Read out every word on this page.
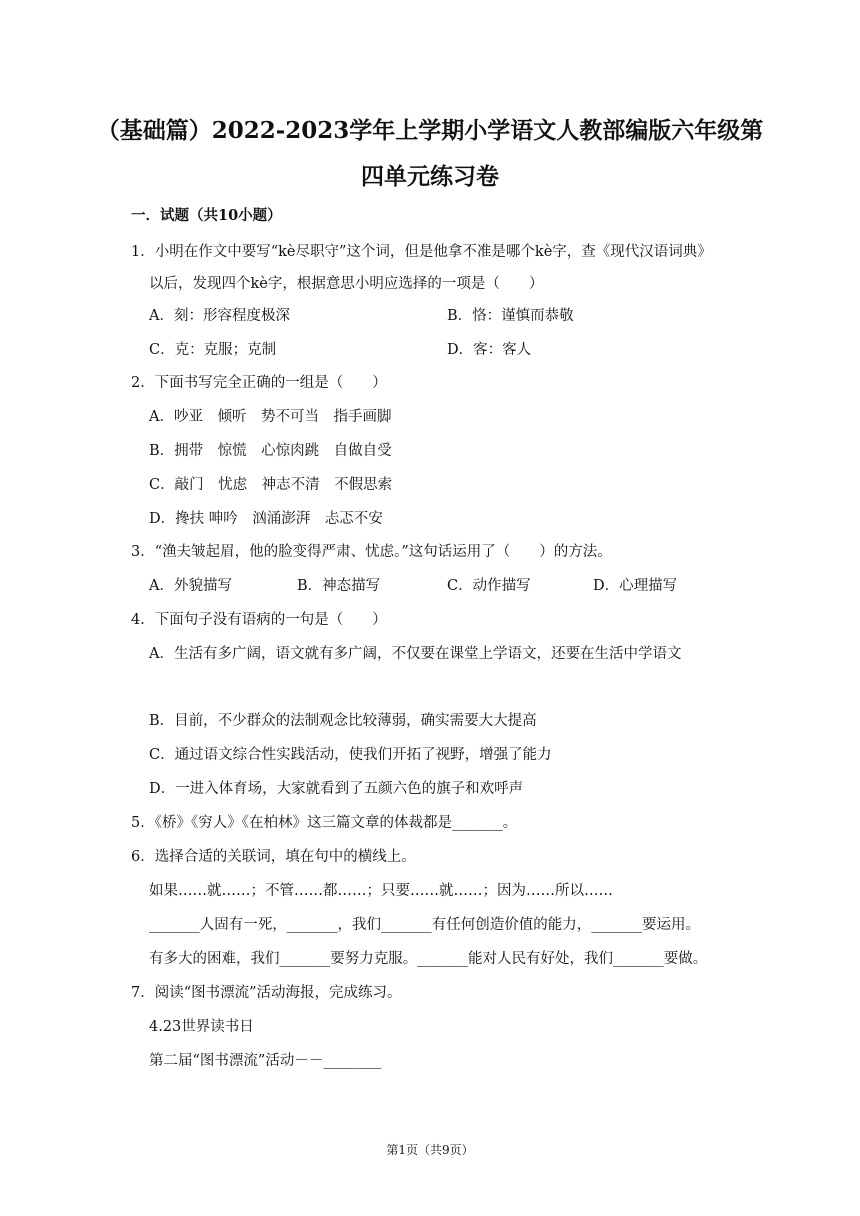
（基础篇）2022-2023学年上学期小学语文人教部编版六年级第
四单元练习卷
一．试题（共10小题）
1．小明在作文中要写“kè尽职守”这个词，但是他拿不准是哪个kè字，查《现代汉语词典》
以后，发现四个kè字，根据意思小明应选择的一项是（　　）
A．刻：形容程度极深	B．恪：谨慎而恭敬
C．克：克服；克制	D．客：客人
2．下面书写完全正确的一组是（　　）
A．吵亚　倾听　势不可当　指手画脚
B．拥带　惊慌　心惊肉跳　自做自受
C．敲门　忧虑　神志不清　不假思索
D．搀扶 呻吟　汹涌澎湃　忐忑不安
3．“渔夫皱起眉，他的脸变得严肃、忧虑。”这句话运用了（　　）的方法。
A．外貌描写	B．神态描写	C．动作描写	D．心理描写
4．下面句子没有语病的一句是（　　）
A．生活有多广阔，语文就有多广阔，不仅要在课堂上学语文，还要在生活中学语文
B．目前，不少群众的法制观念比较薄弱，确实需要大大提高
C．通过语文综合性实践活动，使我们开拓了视野，增强了能力
D．一进入体育场，大家就看到了五颜六色的旗子和欢呼声
5．《桥》《穷人》《在柏林》这三篇文章的体裁都是_______。
6．选择合适的关联词，填在句中的横线上。
如果……就……；不管……都……；只要……就……；因为……所以……
_______人固有一死，_______，我们_______有任何创造价值的能力，_______要运用。
有多大的困难，我们_______要努力克服。_______能对人民有好处，我们_______要做。
7．阅读“图书漂流”活动海报，完成练习。
4.23世界读书日
第二届“图书漂流”活动－－________
第1页（共9页）
